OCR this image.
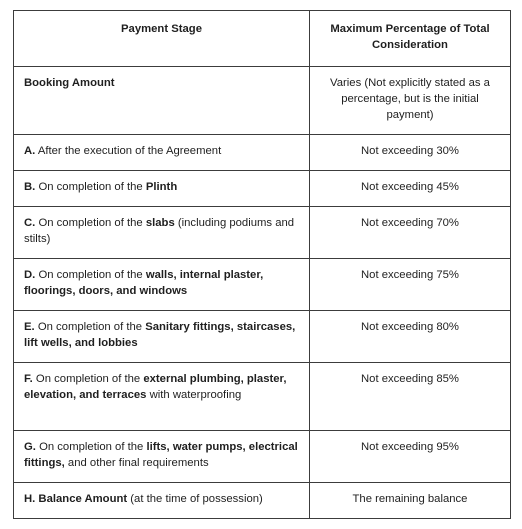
Payment Stage	Maximum Percentage of Total Consideration
Booking Amount	Varies (Not explicitly stated as a percentage, but is the initial payment)
A. After the execution of the Agreement	Not exceeding 30%
B. On completion of the Plinth	Not exceeding 45%
C. On completion of the slabs (including podiums and stilts)	Not exceeding 70%
D. On completion of the walls, internal plaster, floorings, doors, and windows	Not exceeding 75%
E. On completion of the Sanitary fittings, staircases, lift wells, and lobbies	Not exceeding 80%
F. On completion of the external plumbing, plaster, elevation, and terraces with waterproofing	Not exceeding 85%
G. On completion of the lifts, water pumps, electrical fittings, and other final requirements	Not exceeding 95%
H. Balance Amount (at the time of possession)	The remaining balance
